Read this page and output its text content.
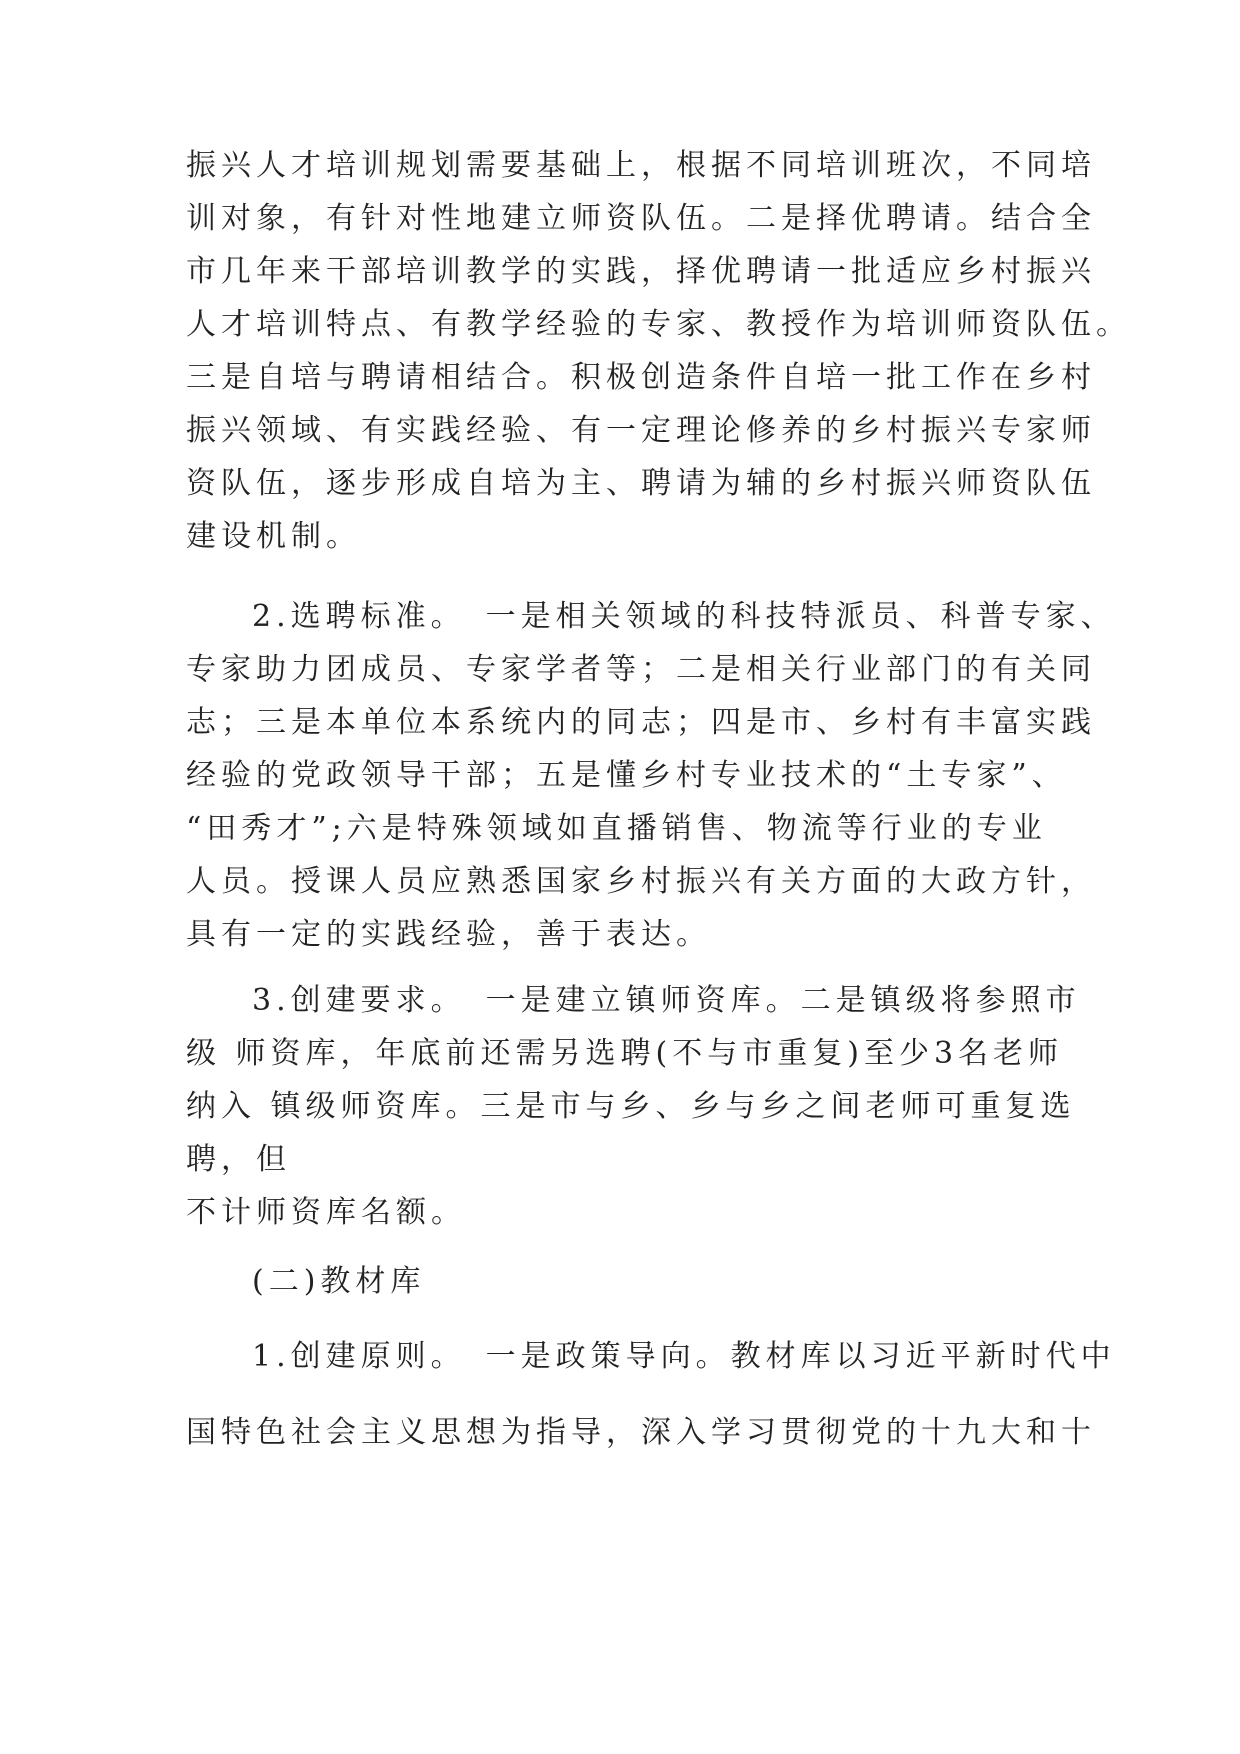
振兴人才培训规划需要基础上，根据不同培训班次，不同培

训对象，有针对性地建立师资队伍。二是择优聘请。结合全

市几年来干部培训教学的实践，择优聘请一批适应乡村振兴

人才培训特点、有教学经验的专家、教授作为培训师资队伍。

三是自培与聘请相结合。积极创造条件自培一批工作在乡村

振兴领域、有实践经验、有一定理论修养的乡村振兴专家师

资队伍，逐步形成自培为主、聘请为辅的乡村振兴师资队伍

建设机制。

2.选聘标准。　一是相关领域的科技特派员、科普专家、

专家助力团成员、专家学者等；二是相关行业部门的有关同

志；三是本单位本系统内的同志；四是市、乡村有丰富实践

经验的党政领导干部；五是懂乡村专业技术的“土专家”、

“田秀才”;六是特殊领域如直播销售、物流等行业的专业

人员。授课人员应熟悉国家乡村振兴有关方面的大政方针，

具有一定的实践经验，善于表达。

3.创建要求。　一是建立镇师资库。二是镇级将参照市

级 师资库，年底前还需另选聘(不与市重复)至少3名老师

纳入 镇级师资库。三是市与乡、乡与乡之间老师可重复选

聘，但

不计师资库名额。

(二)教材库

1.创建原则。　一是政策导向。教材库以习近平新时代中

国特色社会主义思想为指导，深入学习贯彻党的十九大和十
